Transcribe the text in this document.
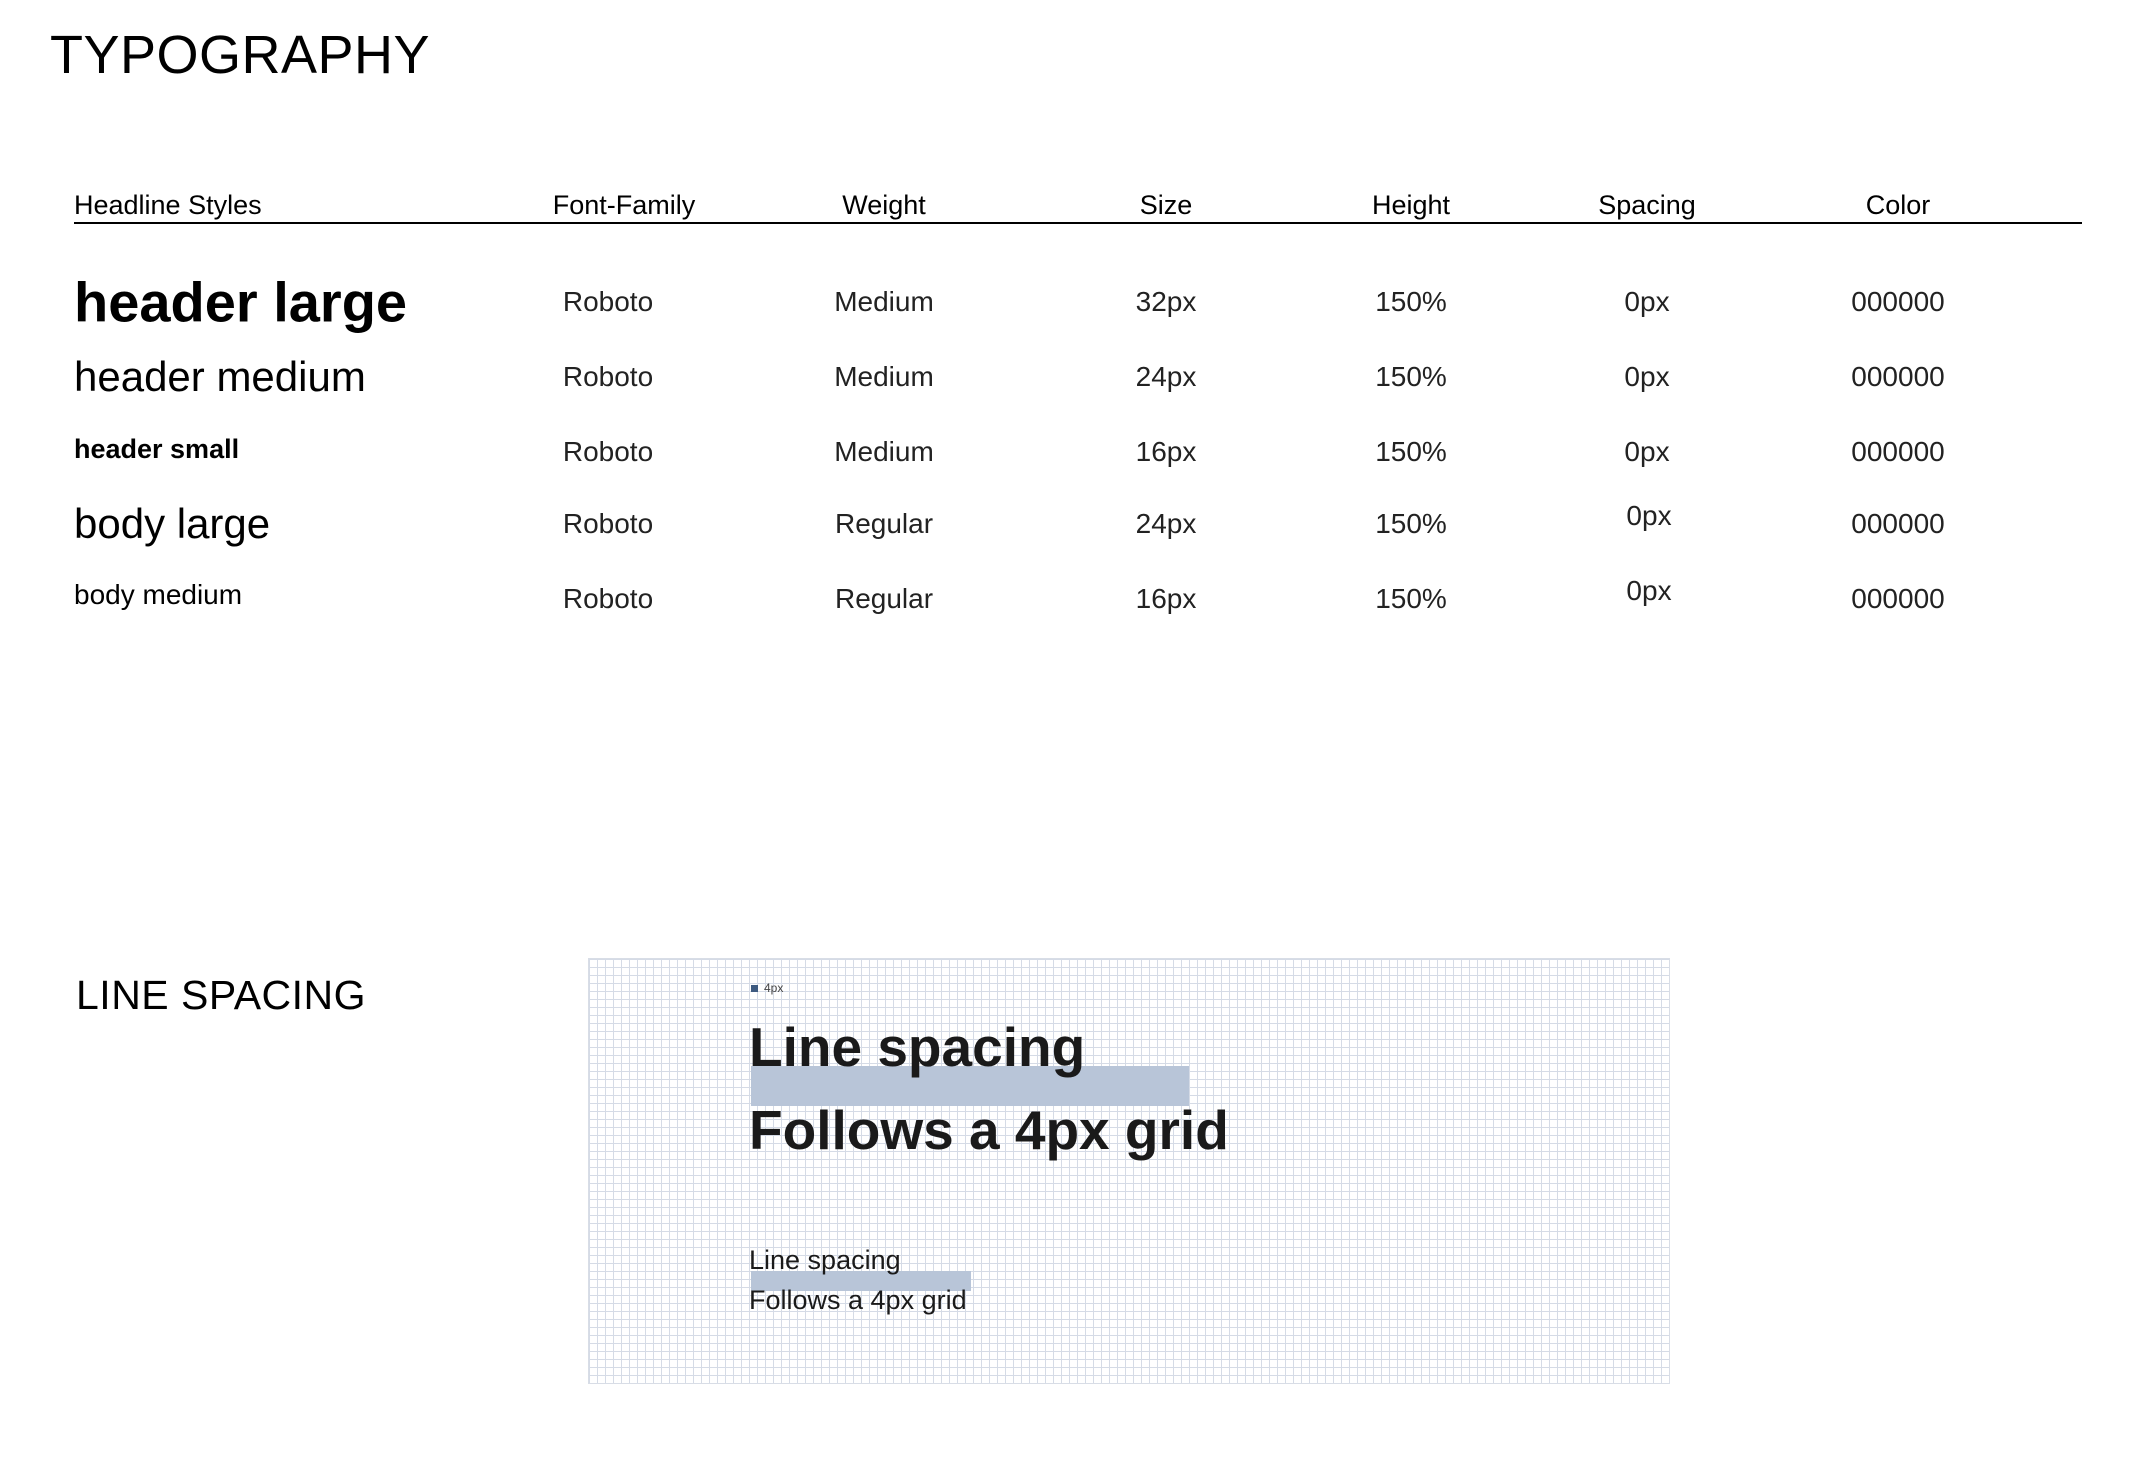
TYPOGRAPHY
Headline Styles	Font-Family	Weight	Size	Height	Spacing	Color
header large	Roboto	Medium	32px	150%	0px	000000
header medium	Roboto	Medium	24px	150%	0px	000000
header small	Roboto	Medium	16px	150%	0px	000000
body large	Roboto	Regular	24px	150%	0px	000000
body medium	Roboto	Regular	16px	150%	0px	000000
LINE SPACING	4px
Line spacing
Follows a 4px grid
Line spacing
Follows a 4px grid
